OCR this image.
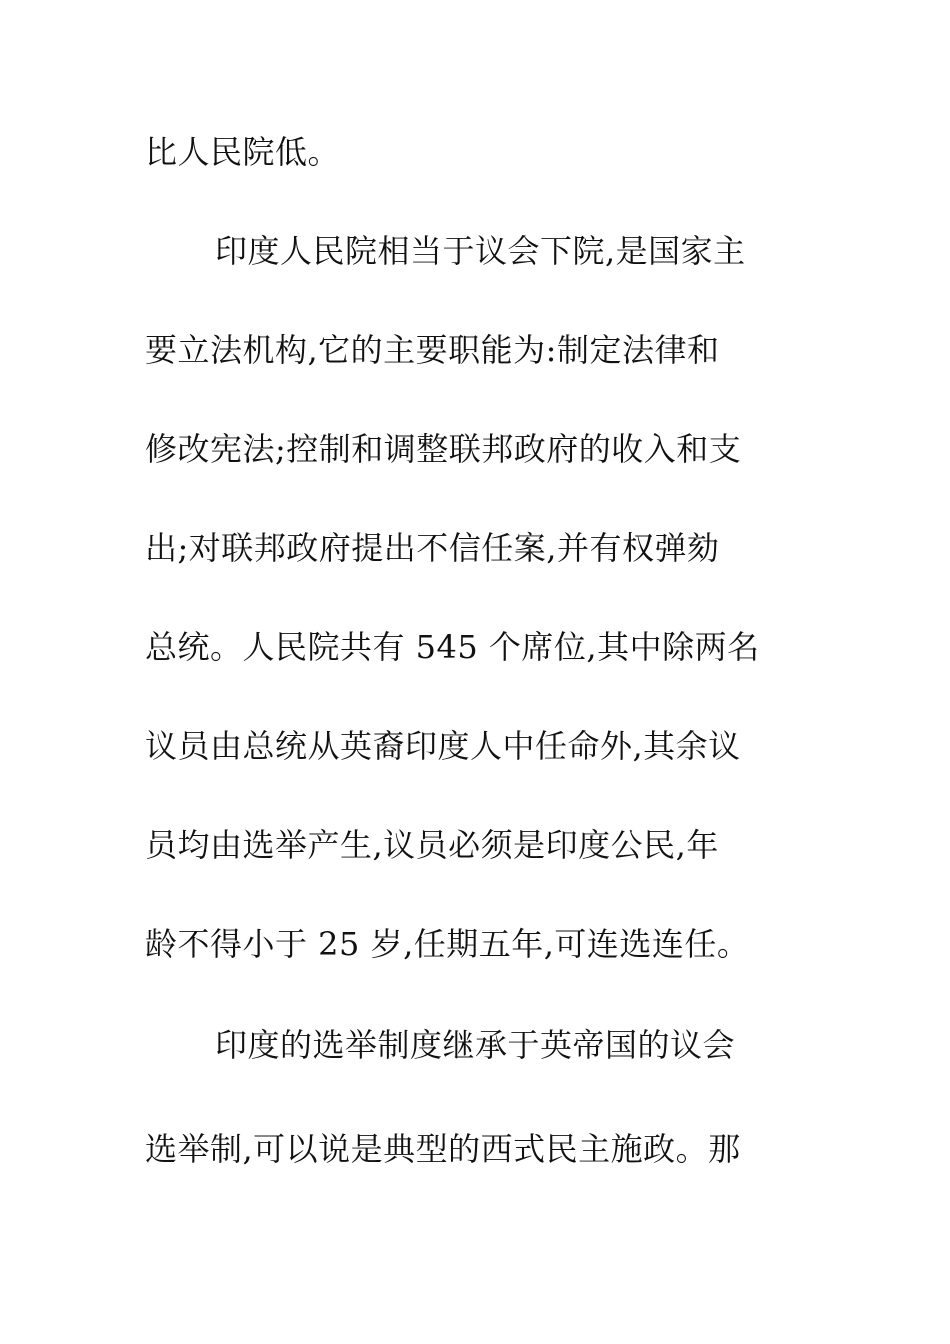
比人民院低。
印度人民院相当于议会下院,是国家主
要立法机构,它的主要职能为:制定法律和
修改宪法;控制和调整联邦政府的收入和支
出;对联邦政府提出不信任案,并有权弹劾
总统。人民院共有 545 个席位,其中除两名
议员由总统从英裔印度人中任命外,其余议
员均由选举产生,议员必须是印度公民,年
龄不得小于 25 岁,任期五年,可连选连任。
印度的选举制度继承于英帝国的议会
选举制,可以说是典型的西式民主施政。那
